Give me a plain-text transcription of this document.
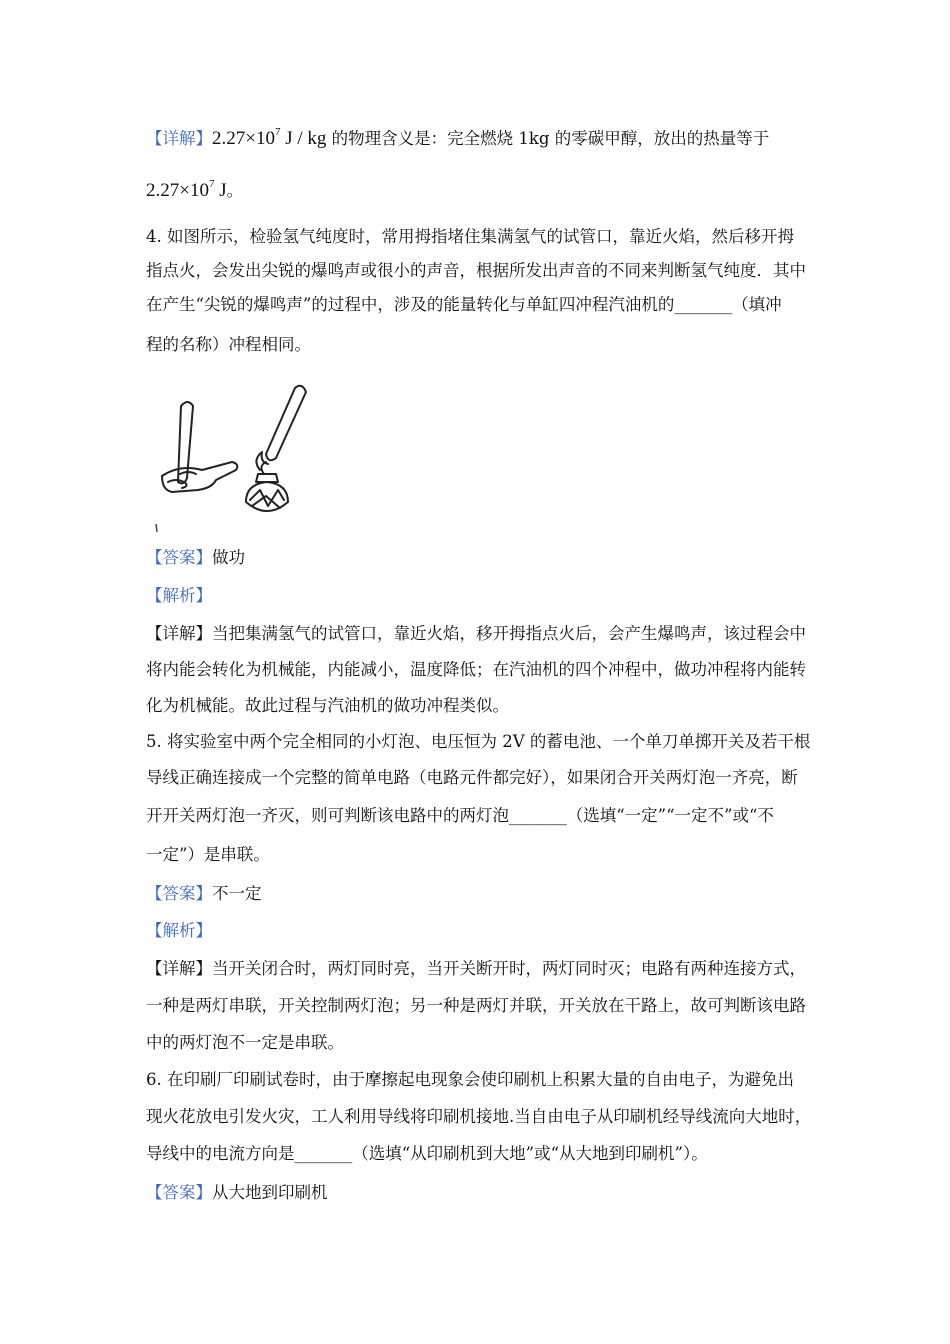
【详解】$2.27\times 10^7$ J / kg 的物理含义是：完全燃烧 1kg 的零碳甲醇，放出的热量等于
$2.27\times 10^7$ J。
4. 如图所示，检验氢气纯度时，常用拇指堵住集满氢气的试管口，靠近火焰，然后移开拇
指点火，会发出尖锐的爆鸣声或很小的声音，根据所发出声音的不同来判断氢气纯度．其中
在产生“尖锐的爆鸣声”的过程中，涉及的能量转化与单缸四冲程汽油机的_______（填冲
程的名称）冲程相同。
【答案】做功
【解析】
【详解】当把集满氢气的试管口，靠近火焰，移开拇指点火后，会产生爆鸣声，该过程会中
将内能会转化为机械能，内能减小，温度降低；在汽油机的四个冲程中，做功冲程将内能转
化为机械能。故此过程与汽油机的做功冲程类似。
5. 将实验室中两个完全相同的小灯泡、电压恒为 2V 的蓄电池、一个单刀单掷开关及若干根
导线正确连接成一个完整的简单电路（电路元件都完好），如果闭合开关两灯泡一齐亮，断
开开关两灯泡一齐灭，则可判断该电路中的两灯泡_______（选填“一定”“一定不”或“不
一定”）是串联。
【答案】不一定
【解析】
【详解】当开关闭合时，两灯同时亮，当开关断开时，两灯同时灭；电路有两种连接方式，
一种是两灯串联，开关控制两灯泡；另一种是两灯并联，开关放在干路上，故可判断该电路
中的两灯泡不一定是串联。
6. 在印刷厂印刷试卷时，由于摩擦起电现象会使印刷机上积累大量的自由电子，为避免出
现火花放电引发火灾，工人利用导线将印刷机接地.当自由电子从印刷机经导线流向大地时，
导线中的电流方向是_______（选填“从印刷机到大地”或“从大地到印刷机”）。
【答案】从大地到印刷机
